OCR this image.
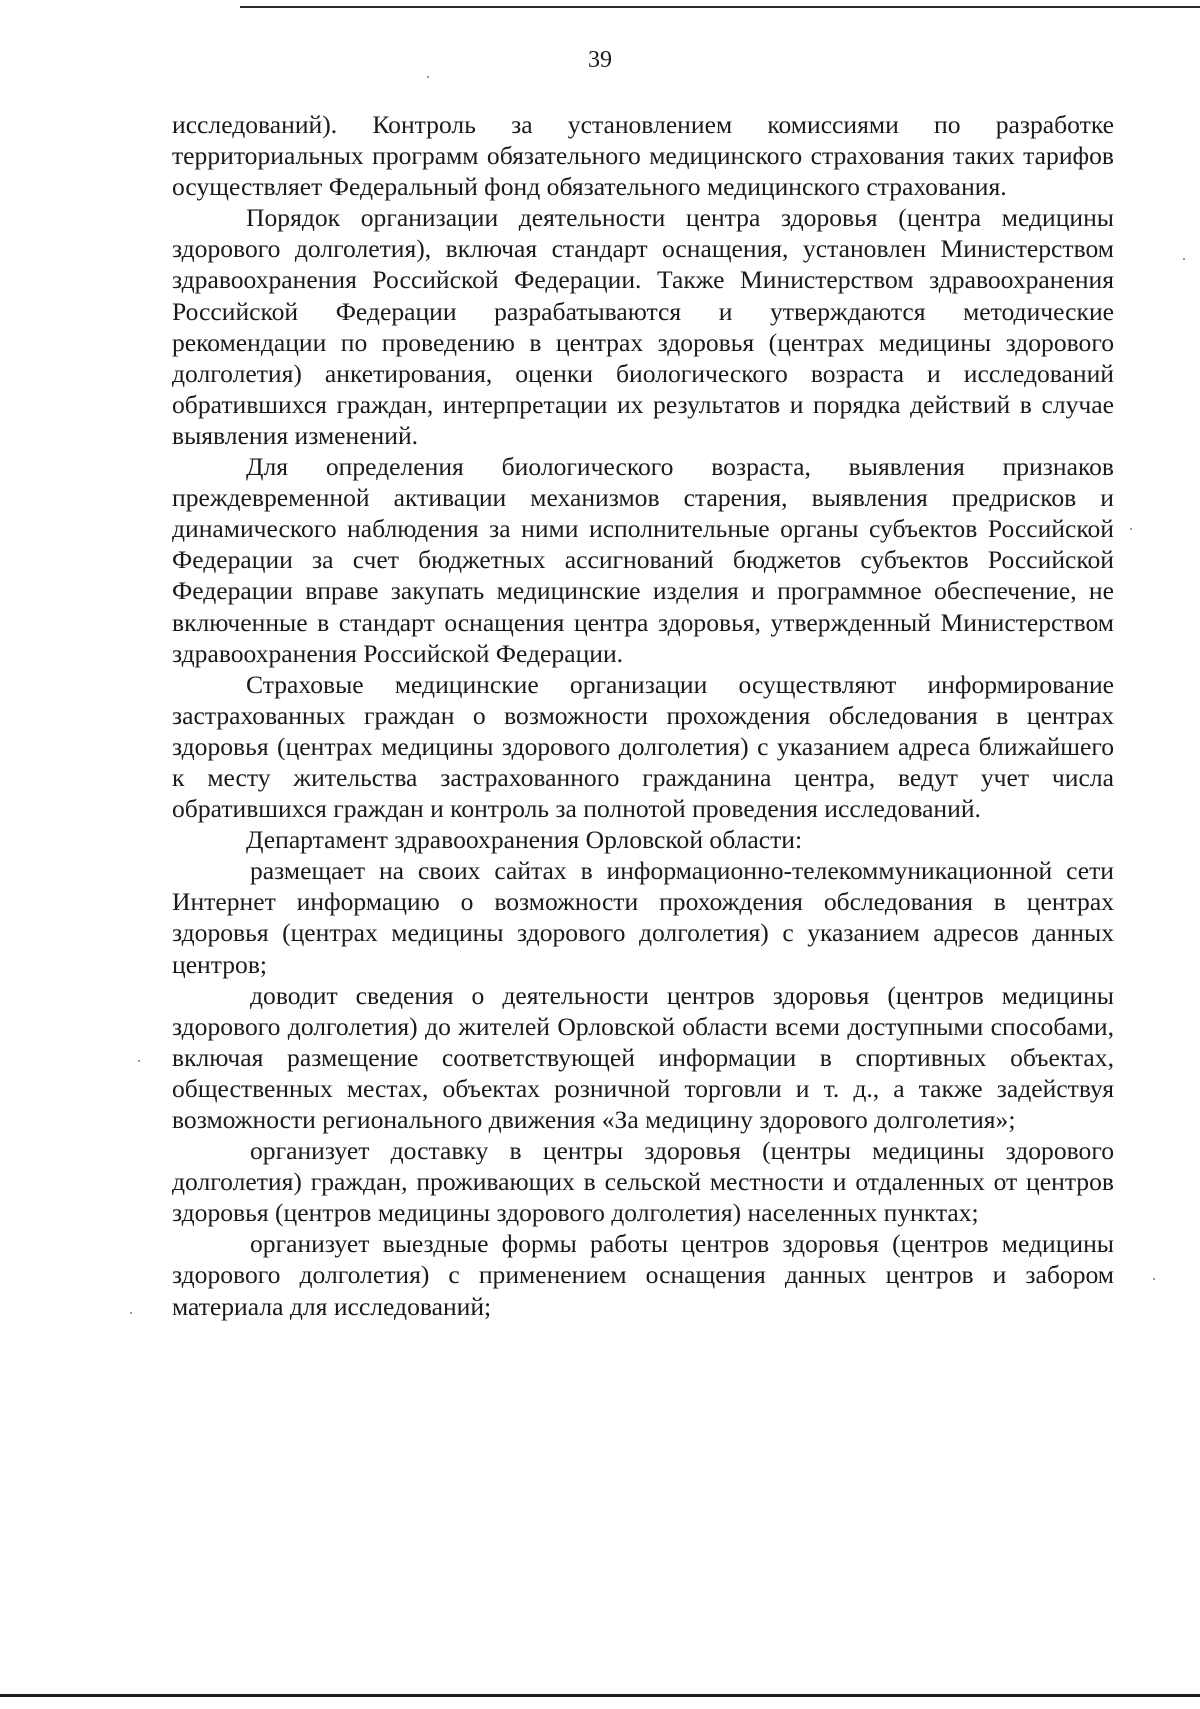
39

исследований). Контроль за установлением комиссиями по разработке территориальных программ обязательного медицинского страхования таких тарифов осуществляет Федеральный фонд обязательного медицинского страхования.

Порядок организации деятельности центра здоровья (центра медицины здорового долголетия), включая стандарт оснащения, установлен Министерством здравоохранения Российской Федерации. Также Министерством здравоохранения Российской Федерации разрабатываются и утверждаются методические рекомендации по проведению в центрах здоровья (центрах медицины здорового долголетия) анкетирования, оценки биологического возраста и исследований обратившихся граждан, интерпретации их результатов и порядка действий в случае выявления изменений.

Для определения биологического возраста, выявления признаков преждевременной активации механизмов старения, выявления предрисков и динамического наблюдения за ними исполнительные органы субъектов Российской Федерации за счет бюджетных ассигнований бюджетов субъектов Российской Федерации вправе закупать медицинские изделия и программное обеспечение, не включенные в стандарт оснащения центра здоровья, утвержденный Министерством здравоохранения Российской Федерации.

Страховые медицинские организации осуществляют информирование застрахованных граждан о возможности прохождения обследования в центрах здоровья (центрах медицины здорового долголетия) с указанием адреса ближайшего к месту жительства застрахованного гражданина центра, ведут учет числа обратившихся граждан и контроль за полнотой проведения исследований.

Департамент здравоохранения Орловской области:

размещает на своих сайтах в информационно-телекоммуникационной сети Интернет информацию о возможности прохождения обследования в центрах здоровья (центрах медицины здорового долголетия) с указанием адресов данных центров;

доводит сведения о деятельности центров здоровья (центров медицины здорового долголетия) до жителей Орловской области всеми доступными способами, включая размещение соответствующей информации в спортивных объектах, общественных местах, объектах розничной торговли и т. д., а также задействуя возможности регионального движения «За медицину здорового долголетия»;

организует доставку в центры здоровья (центры медицины здорового долголетия) граждан, проживающих в сельской местности и отдаленных от центров здоровья (центров медицины здорового долголетия) населенных пунктах;

организует выездные формы работы центров здоровья (центров медицины здорового долголетия) с применением оснащения данных центров и забором материала для исследований;
